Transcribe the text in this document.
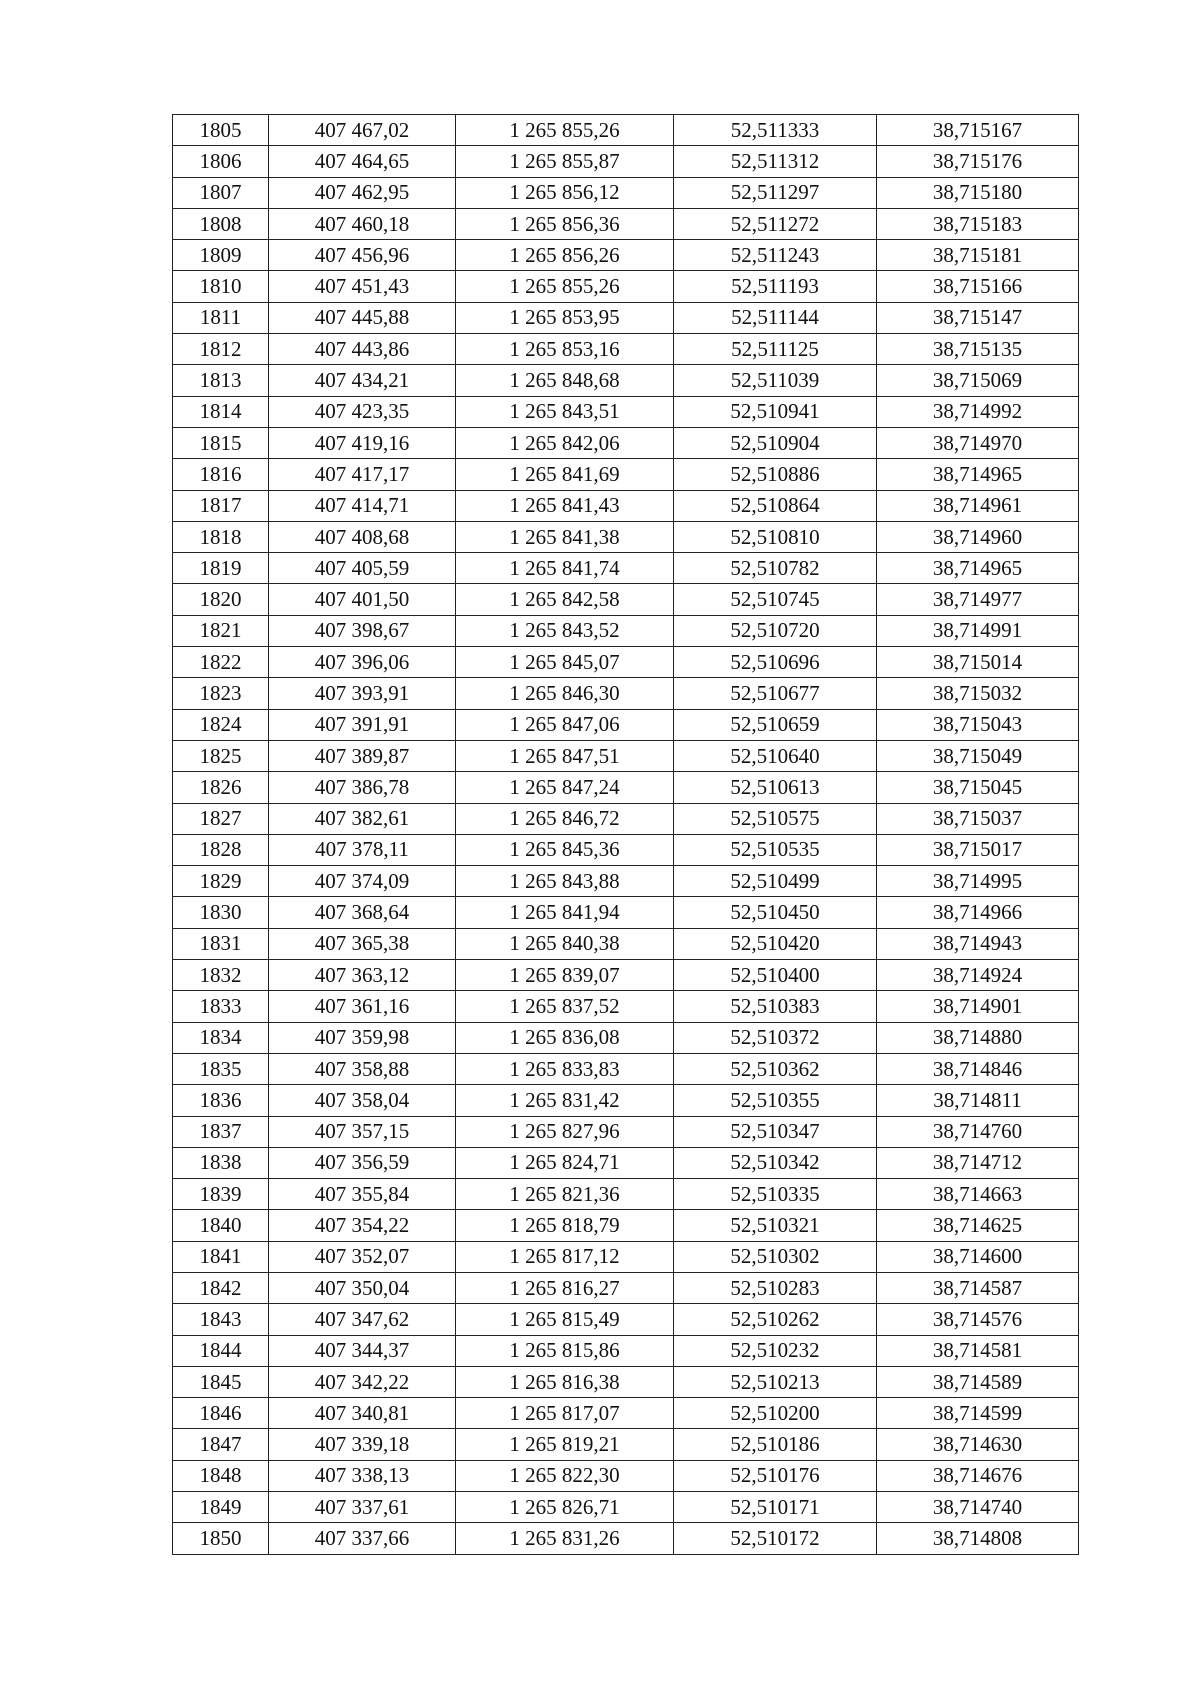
1805	407 467,02	1 265 855,26	52,511333	38,715167
1806	407 464,65	1 265 855,87	52,511312	38,715176
1807	407 462,95	1 265 856,12	52,511297	38,715180
1808	407 460,18	1 265 856,36	52,511272	38,715183
1809	407 456,96	1 265 856,26	52,511243	38,715181
1810	407 451,43	1 265 855,26	52,511193	38,715166
1811	407 445,88	1 265 853,95	52,511144	38,715147
1812	407 443,86	1 265 853,16	52,511125	38,715135
1813	407 434,21	1 265 848,68	52,511039	38,715069
1814	407 423,35	1 265 843,51	52,510941	38,714992
1815	407 419,16	1 265 842,06	52,510904	38,714970
1816	407 417,17	1 265 841,69	52,510886	38,714965
1817	407 414,71	1 265 841,43	52,510864	38,714961
1818	407 408,68	1 265 841,38	52,510810	38,714960
1819	407 405,59	1 265 841,74	52,510782	38,714965
1820	407 401,50	1 265 842,58	52,510745	38,714977
1821	407 398,67	1 265 843,52	52,510720	38,714991
1822	407 396,06	1 265 845,07	52,510696	38,715014
1823	407 393,91	1 265 846,30	52,510677	38,715032
1824	407 391,91	1 265 847,06	52,510659	38,715043
1825	407 389,87	1 265 847,51	52,510640	38,715049
1826	407 386,78	1 265 847,24	52,510613	38,715045
1827	407 382,61	1 265 846,72	52,510575	38,715037
1828	407 378,11	1 265 845,36	52,510535	38,715017
1829	407 374,09	1 265 843,88	52,510499	38,714995
1830	407 368,64	1 265 841,94	52,510450	38,714966
1831	407 365,38	1 265 840,38	52,510420	38,714943
1832	407 363,12	1 265 839,07	52,510400	38,714924
1833	407 361,16	1 265 837,52	52,510383	38,714901
1834	407 359,98	1 265 836,08	52,510372	38,714880
1835	407 358,88	1 265 833,83	52,510362	38,714846
1836	407 358,04	1 265 831,42	52,510355	38,714811
1837	407 357,15	1 265 827,96	52,510347	38,714760
1838	407 356,59	1 265 824,71	52,510342	38,714712
1839	407 355,84	1 265 821,36	52,510335	38,714663
1840	407 354,22	1 265 818,79	52,510321	38,714625
1841	407 352,07	1 265 817,12	52,510302	38,714600
1842	407 350,04	1 265 816,27	52,510283	38,714587
1843	407 347,62	1 265 815,49	52,510262	38,714576
1844	407 344,37	1 265 815,86	52,510232	38,714581
1845	407 342,22	1 265 816,38	52,510213	38,714589
1846	407 340,81	1 265 817,07	52,510200	38,714599
1847	407 339,18	1 265 819,21	52,510186	38,714630
1848	407 338,13	1 265 822,30	52,510176	38,714676
1849	407 337,61	1 265 826,71	52,510171	38,714740
1850	407 337,66	1 265 831,26	52,510172	38,714808
